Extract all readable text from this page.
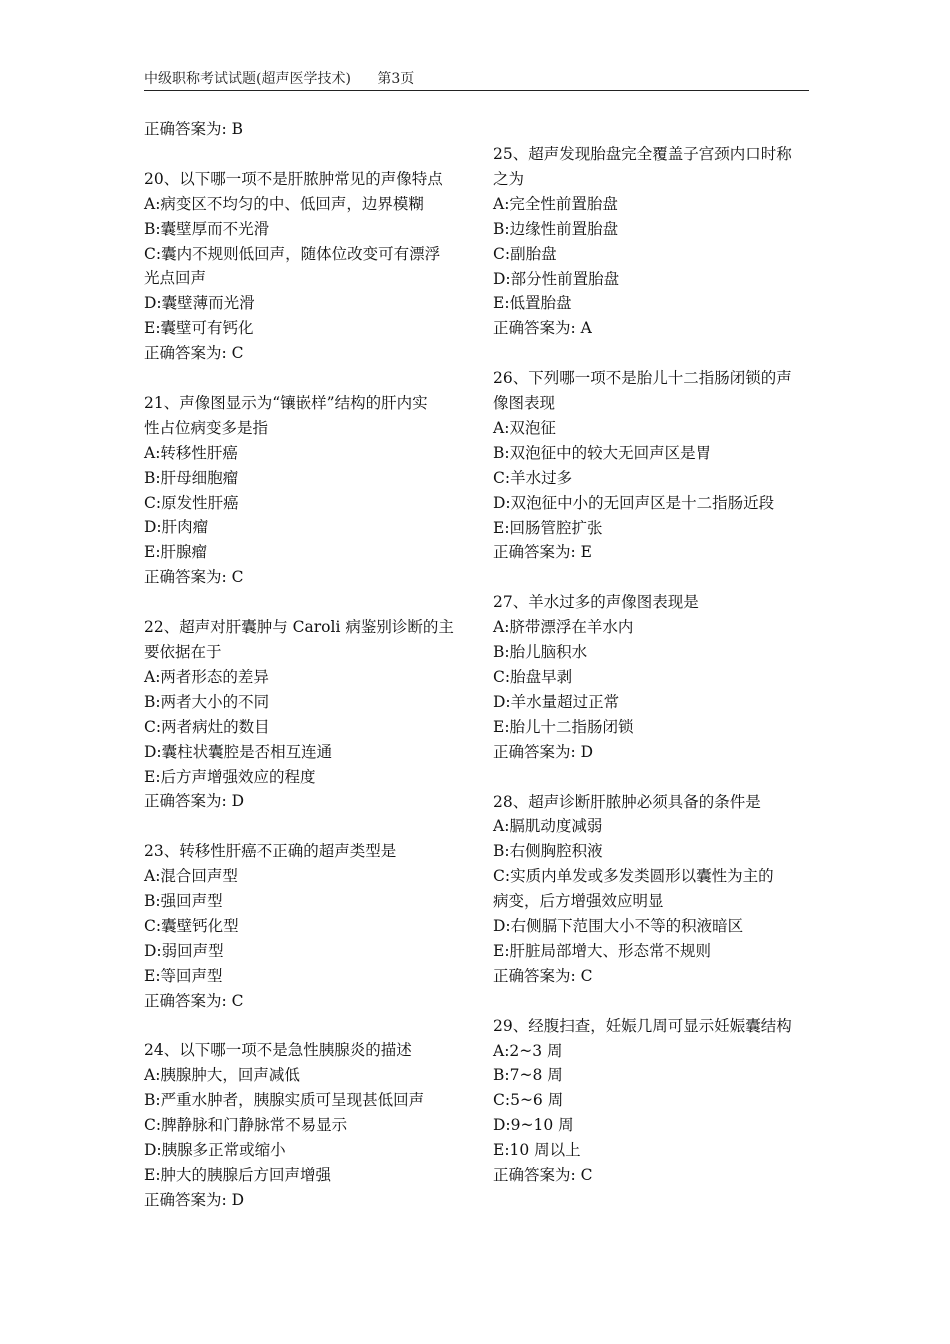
中级职称考试试题(超声医学技术) 第3页
正确答案为: B
20、以下哪一项不是肝脓肿常见的声像特点
A:病变区不均匀的中、低回声，边界模糊
B:囊壁厚而不光滑
C:囊内不规则低回声，随体位改变可有漂浮
光点回声
D:囊壁薄而光滑
E:囊壁可有钙化
正确答案为: C
21、声像图显示为“镶嵌样”结构的肝内实
性占位病变多是指
A:转移性肝癌
B:肝母细胞瘤
C:原发性肝癌
D:肝肉瘤
E:肝腺瘤
正确答案为: C
22、超声对肝囊肿与 Caroli 病鉴别诊断的主
要依据在于
A:两者形态的差异
B:两者大小的不同
C:两者病灶的数目
D:囊柱状囊腔是否相互连通
E:后方声增强效应的程度
正确答案为: D
23、转移性肝癌不正确的超声类型是
A:混合回声型
B:强回声型
C:囊壁钙化型
D:弱回声型
E:等回声型
正确答案为: C
24、以下哪一项不是急性胰腺炎的描述
A:胰腺肿大，回声减低
B:严重水肿者，胰腺实质可呈现甚低回声
C:脾静脉和门静脉常不易显示
D:胰腺多正常或缩小
E:肿大的胰腺后方回声增强
正确答案为: D
25、超声发现胎盘完全覆盖子宫颈内口时称
之为
A:完全性前置胎盘
B:边缘性前置胎盘
C:副胎盘
D:部分性前置胎盘
E:低置胎盘
正确答案为: A
26、下列哪一项不是胎儿十二指肠闭锁的声
像图表现
A:双泡征
B:双泡征中的较大无回声区是胃
C:羊水过多
D:双泡征中小的无回声区是十二指肠近段
E:回肠管腔扩张
正确答案为: E
27、羊水过多的声像图表现是
A:脐带漂浮在羊水内
B:胎儿脑积水
C:胎盘早剥
D:羊水量超过正常
E:胎儿十二指肠闭锁
正确答案为: D
28、超声诊断肝脓肿必须具备的条件是
A:膈肌动度减弱
B:右侧胸腔积液
C:实质内单发或多发类圆形以囊性为主的
病变，后方增强效应明显
D:右侧膈下范围大小不等的积液暗区
E:肝脏局部增大、形态常不规则
正确答案为: C
29、经腹扫查，妊娠几周可显示妊娠囊结构
A:2~3 周
B:7~8 周
C:5~6 周
D:9~10 周
E:10 周以上
正确答案为: C
